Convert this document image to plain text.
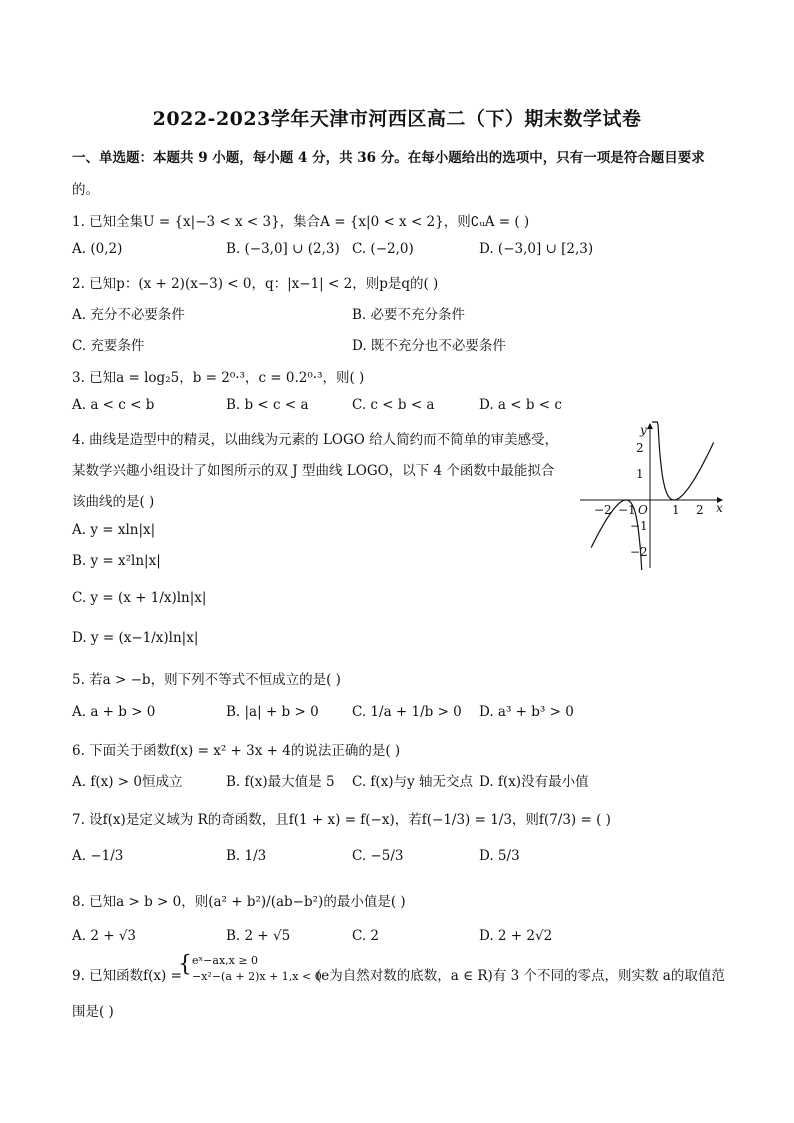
2022-2023学年天津市河西区高二（下）期末数学试卷
一、单选题：本题共 9 小题，每小题 4 分，共 36 分。在每小题给出的选项中，只有一项是符合题目要求
的。
1. 已知全集U = {x|−3 < x < 3}，集合A = {x|0 < x < 2}，则∁ᵤA = ( )
A. (0,2)	B. (−3,0] ∪ (2,3) C. (−2,0)	D. (−3,0] ∪ [2,3)
2. 已知p：(x + 2)(x−3) < 0，q：|x−1| < 2，则p是q的( )
A. 充分不必要条件	B. 必要不充分条件
C. 充要条件	D. 既不充分也不必要条件
3. 已知a = log₂5，b = 2⁰·³，c = 0.2⁰·³，则( )
A. a < c < b	B. b < c < a	C. c < b < a	D. a < b < c
4. 曲线是造型中的精灵，以曲线为元素的 LOGO 给人简约而不简单的审美感受，
某数学兴趣小组设计了如图所示的双 J 型曲线 LOGO，以下 4 个函数中最能拟合
该曲线的是( )
A. y = xln|x|
B. y = x²ln|x|
C. y = (x + 1/x)ln|x|
D. y = (x−1/x)ln|x|
y
x
O
−2 −1	1 2
2
1
−1
−2
5. 若a > −b，则下列不等式不恒成立的是( )
A. a + b > 0	B. |a| + b > 0 C. 1/a + 1/b > 0 D. a³ + b³ > 0
6. 下面关于函数f(x) = x² + 3x + 4的说法正确的是( )
A. f(x) > 0恒成立	B. f(x)最大值是 5 C. f(x)与y 轴无交点 D. f(x)没有最小值
7. 设f(x)是定义域为 R的奇函数，且f(1 + x) = f(−x)，若f(−1/3) = 1/3，则f(7/3) = ( )
A. −1/3	B. 1/3	C. −5/3	D. 5/3
8. 已知a > b > 0，则(a² + b²)/(ab−b²)的最小值是( )
A. 2 + √3	B. 2 + √5	C. 2	D. 2 + 2√2
9. 已知函数f(x) =
{ eˣ−ax,x ≥ 0
−x²−(a + 2)x + 1,x < 0
(e为自然对数的底数，a ∈ R)有 3 个不同的零点，则实数 a的取值范
围是( )
